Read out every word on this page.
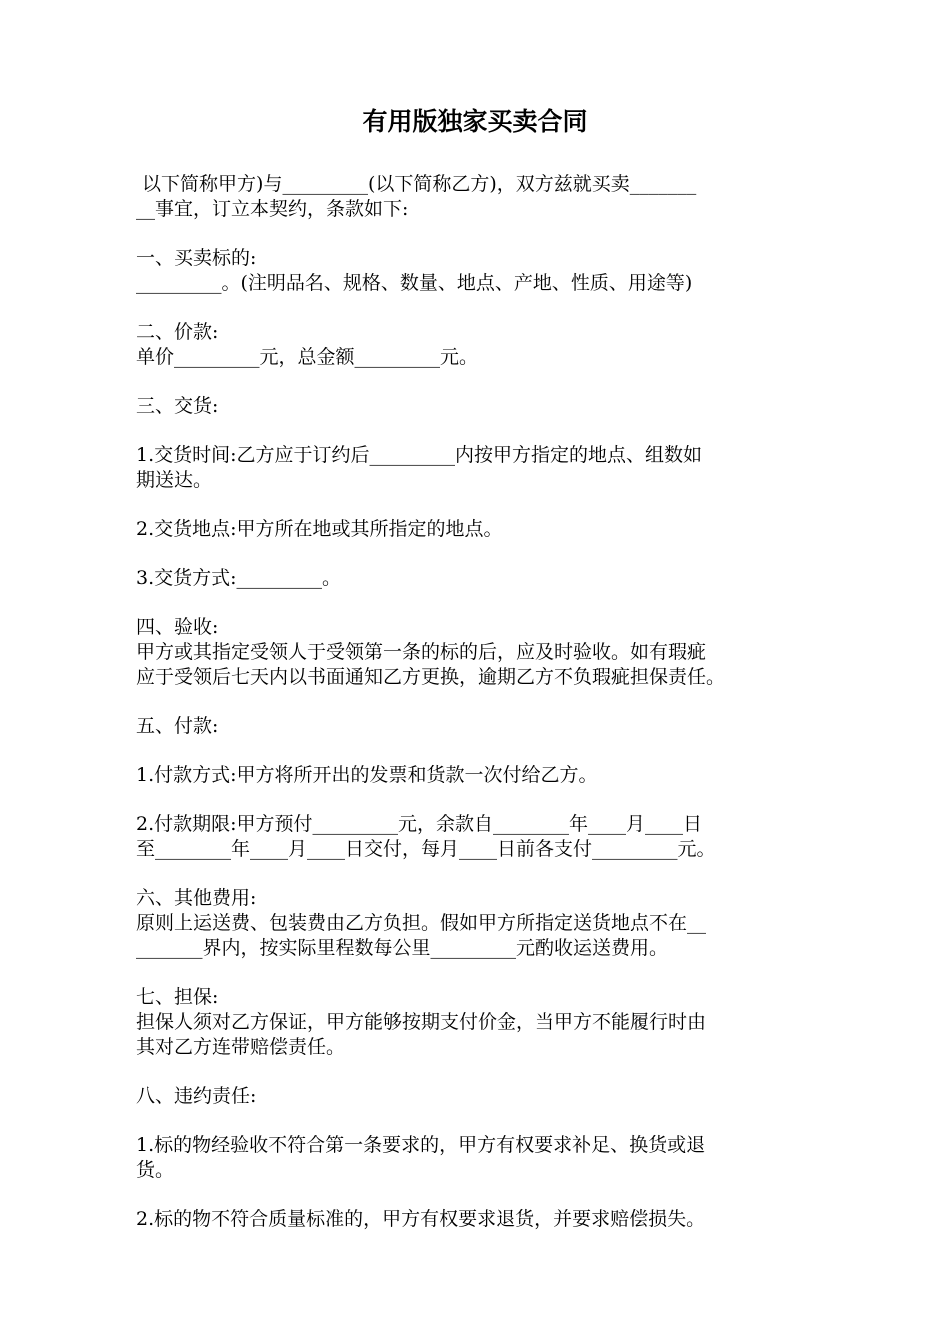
有用版独家买卖合同

以下简称甲方)与_________(以下简称乙方)，双方兹就买卖_______

__事宜，订立本契约，条款如下:

一、买卖标的:

_________。(注明品名、规格、数量、地点、产地、性质、用途等)

二、价款:

单价_________元，总金额_________元。

三、交货:

1.交货时间:乙方应于订约后_________内按甲方指定的地点、组数如

期送达。

2.交货地点:甲方所在地或其所指定的地点。

3.交货方式:_________。

四、验收:

甲方或其指定受领人于受领第一条的标的后，应及时验收。如有瑕疵

应于受领后七天内以书面通知乙方更换，逾期乙方不负瑕疵担保责任。

五、付款:

1.付款方式:甲方将所开出的发票和货款一次付给乙方。

2.付款期限:甲方预付_________元，余款自________年____月____日

至________年____月____日交付，每月____日前各支付_________元。

六、其他费用:

原则上运送费、包装费由乙方负担。假如甲方所指定送货地点不在__

_______界内，按实际里程数每公里_________元酌收运送费用。

七、担保:

担保人须对乙方保证，甲方能够按期支付价金，当甲方不能履行时由

其对乙方连带赔偿责任。

八、违约责任:

1.标的物经验收不符合第一条要求的，甲方有权要求补足、换货或退

货。

2.标的物不符合质量标准的，甲方有权要求退货，并要求赔偿损失。
